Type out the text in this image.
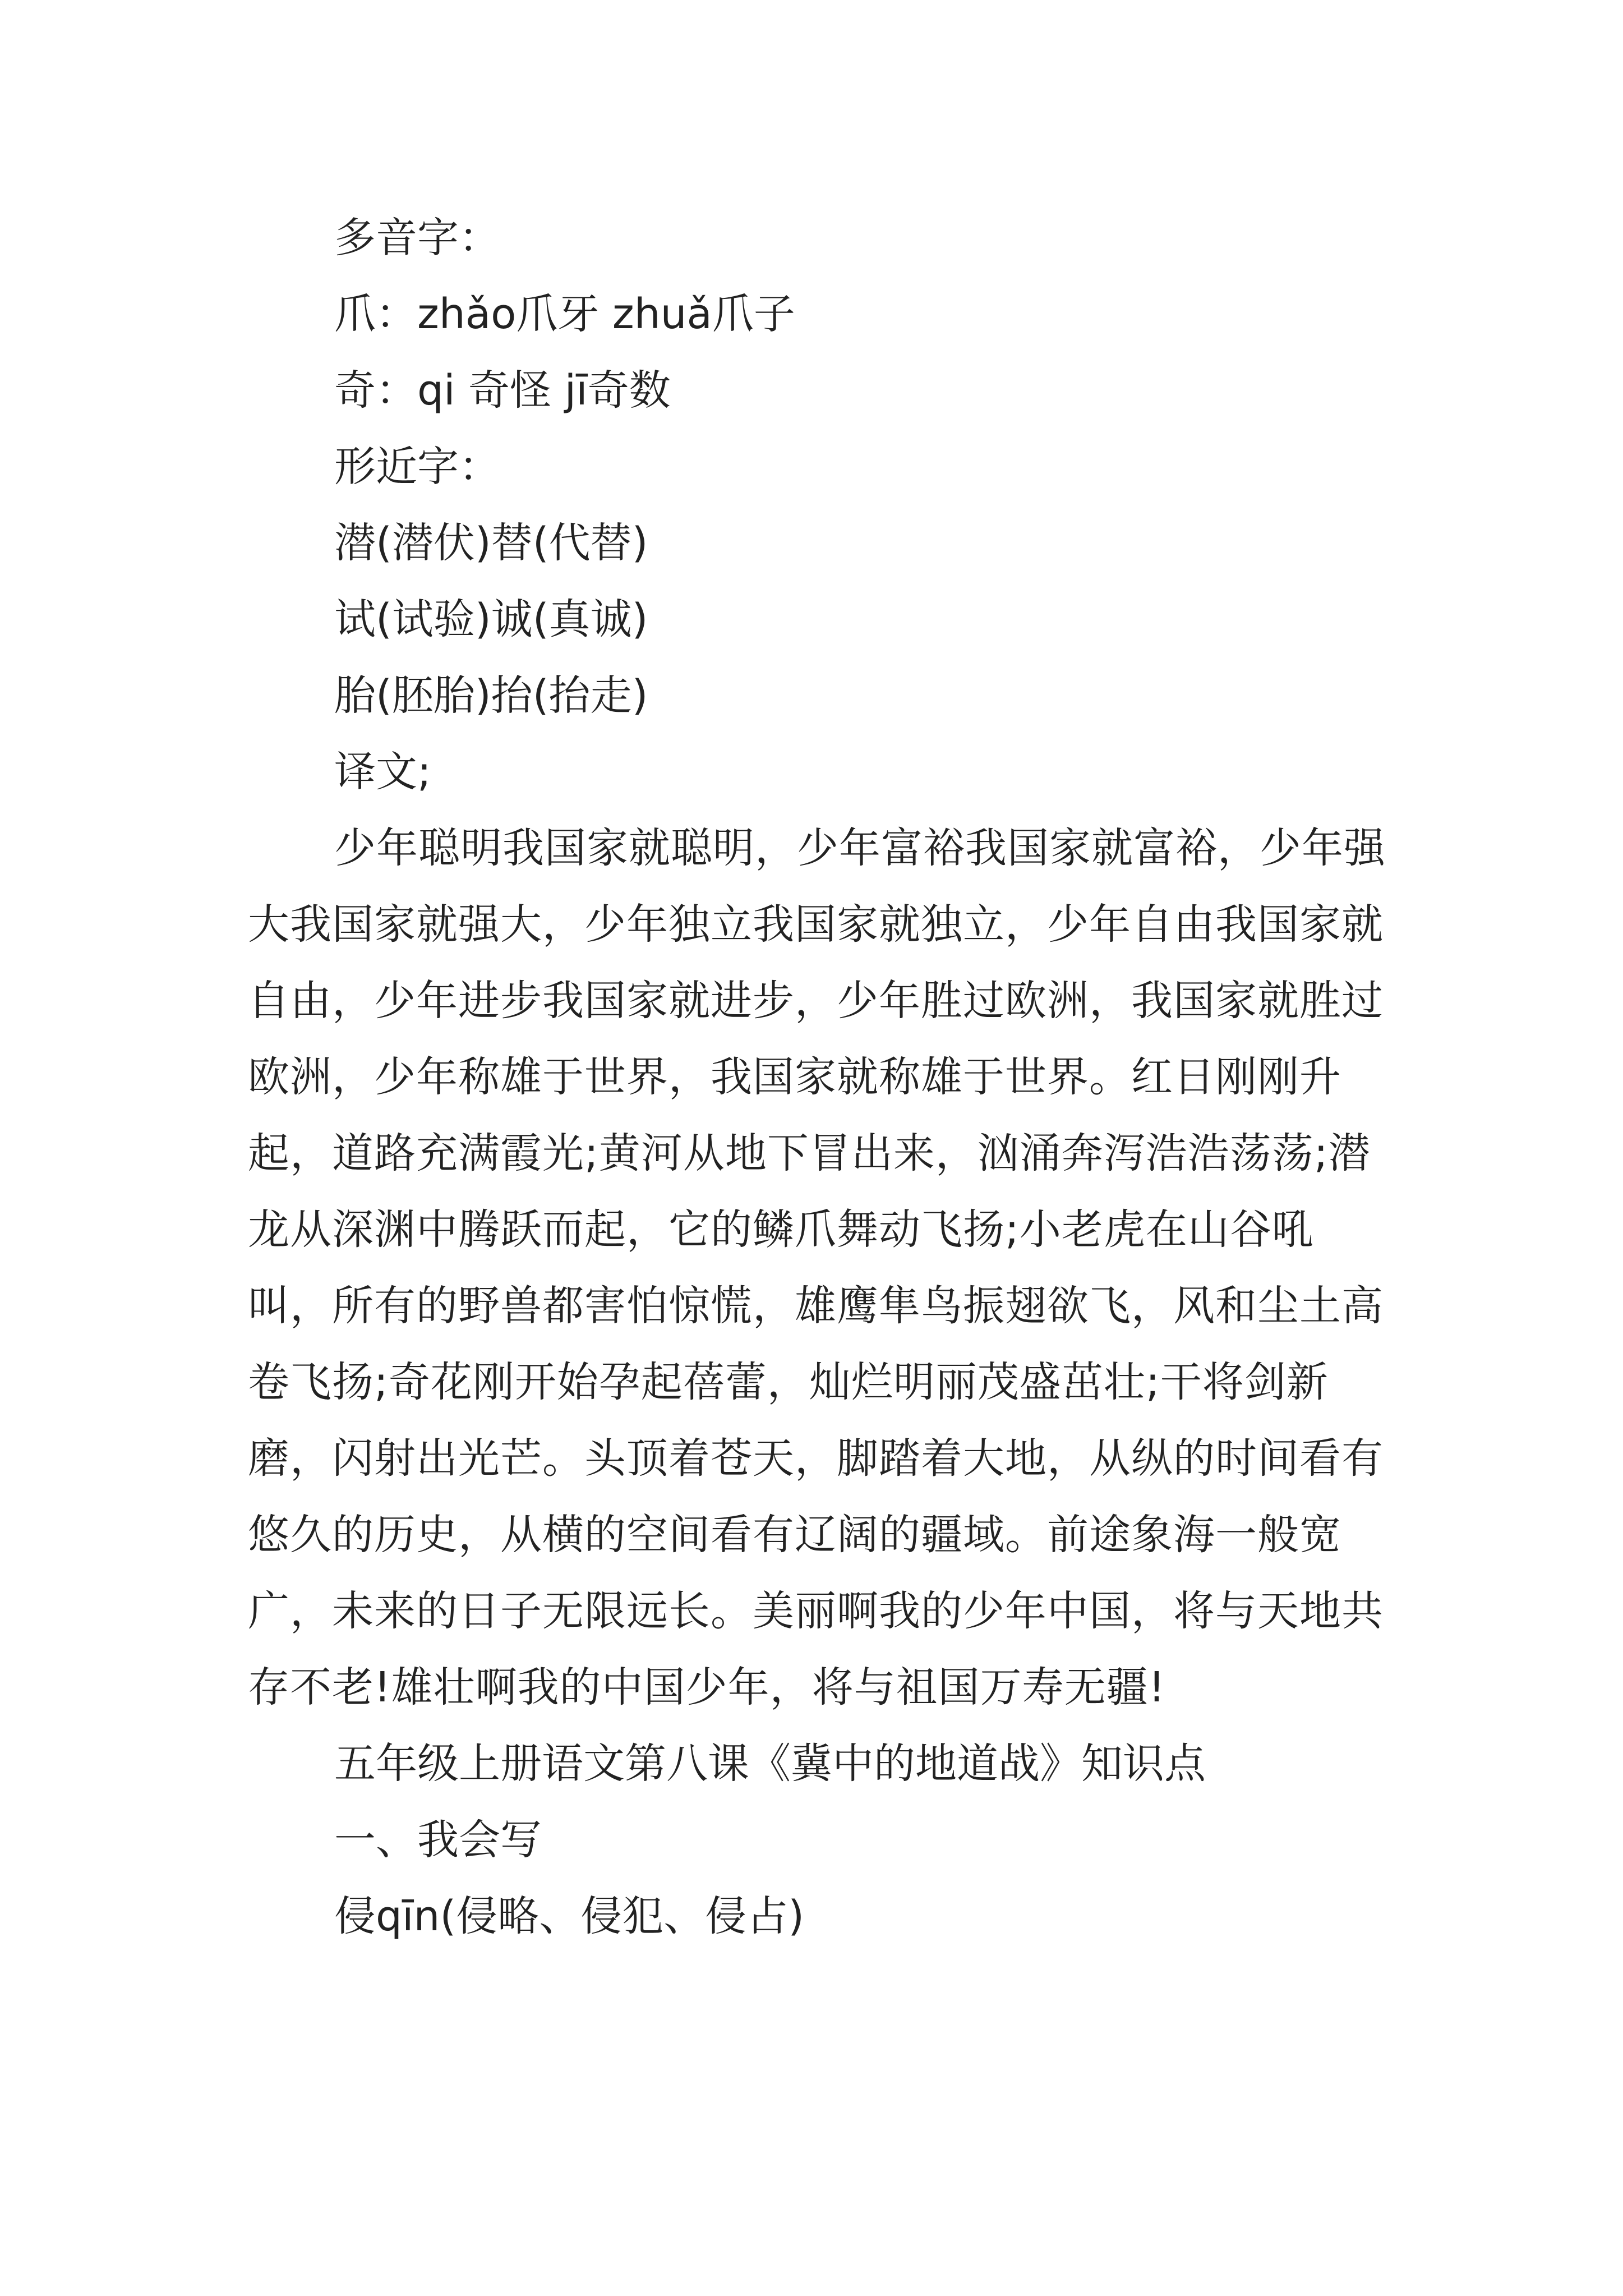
多音字：

爪：zhǎo爪牙 zhuǎ爪子

奇：qi 奇怪 jī奇数

形近字：

潜(潜伏)替(代替)

试(试验)诚(真诚)

胎(胚胎)抬(抬走)

译文;

少年聪明我国家就聪明，少年富裕我国家就富裕，少年强大我国家就强大，少年独立我国家就独立，少年自由我国家就自由，少年进步我国家就进步，少年胜过欧洲，我国家就胜过欧洲，少年称雄于世界，我国家就称雄于世界。红日刚刚升起，道路充满霞光;黄河从地下冒出来，汹涌奔泻浩浩荡荡;潜龙从深渊中腾跃而起，它的鳞爪舞动飞扬;小老虎在山谷吼叫，所有的野兽都害怕惊慌，雄鹰隼鸟振翅欲飞，风和尘土高卷飞扬;奇花刚开始孕起蓓蕾，灿烂明丽茂盛茁壮;干将剑新磨，闪射出光芒。头顶着苍天，脚踏着大地，从纵的时间看有悠久的历史，从横的空间看有辽阔的疆域。前途象海一般宽广，未来的日子无限远长。美丽啊我的少年中国，将与天地共存不老!雄壮啊我的中国少年，将与祖国万寿无疆!

五年级上册语文第八课《冀中的地道战》知识点

一、我会写

侵qīn(侵略、侵犯、侵占)
